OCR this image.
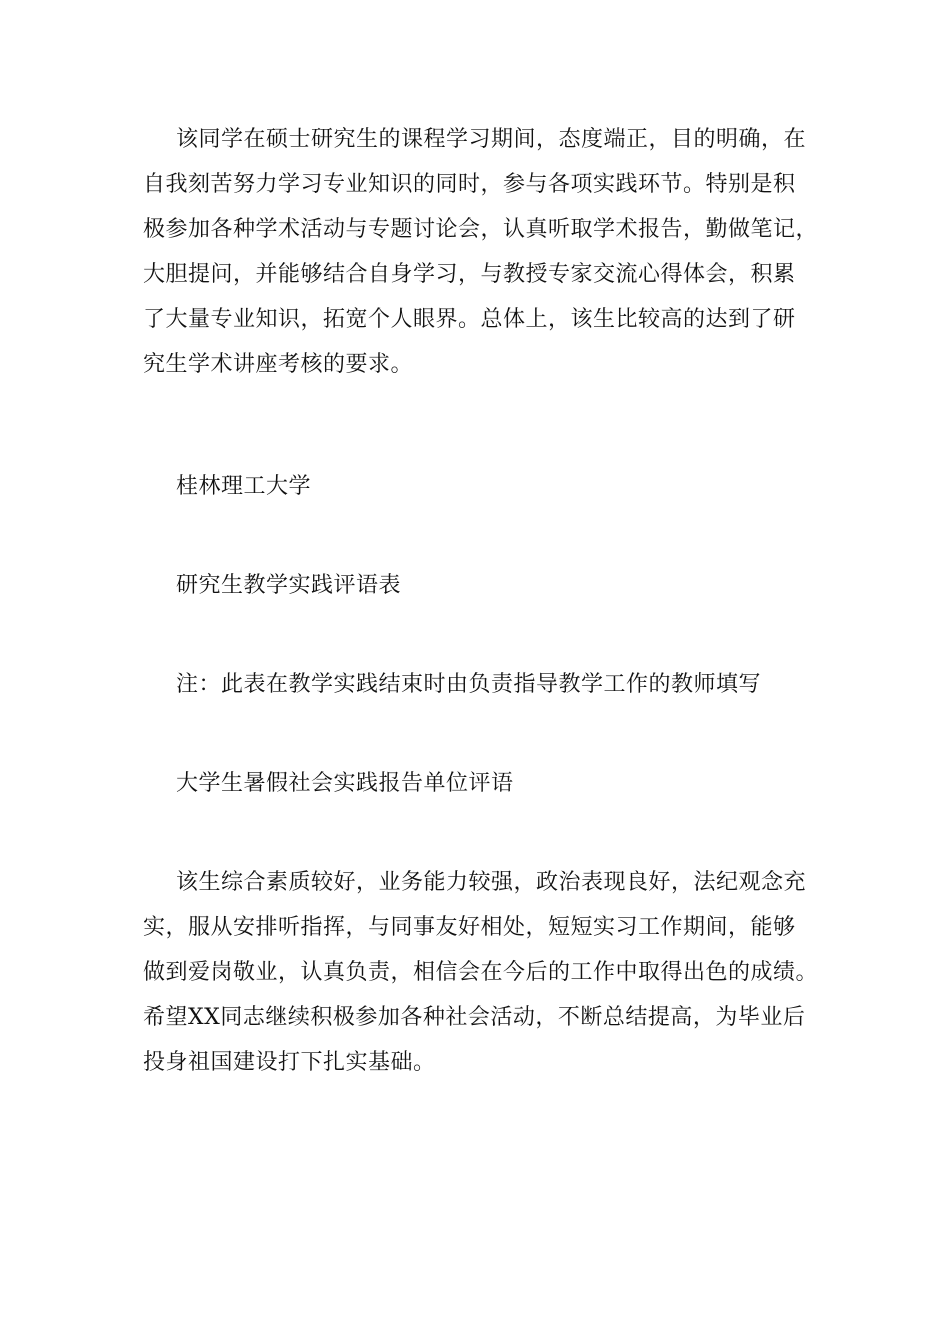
该同学在硕士研究生的课程学习期间，态度端正，目的明确，在
自我刻苦努力学习专业知识的同时，参与各项实践环节。特别是积
极参加各种学术活动与专题讨论会，认真听取学术报告，勤做笔记，
大胆提问，并能够结合自身学习，与教授专家交流心得体会，积累
了大量专业知识，拓宽个人眼界。总体上，该生比较高的达到了研
究生学术讲座考核的要求。
桂林理工大学
研究生教学实践评语表
注：此表在教学实践结束时由负责指导教学工作的教师填写
大学生暑假社会实践报告单位评语
该生综合素质较好，业务能力较强，政治表现良好，法纪观念充
实，服从安排听指挥，与同事友好相处，短短实习工作期间，能够
做到爱岗敬业，认真负责，相信会在今后的工作中取得出色的成绩。
希望XX同志继续积极参加各种社会活动，不断总结提高，为毕业后
投身祖国建设打下扎实基础。
